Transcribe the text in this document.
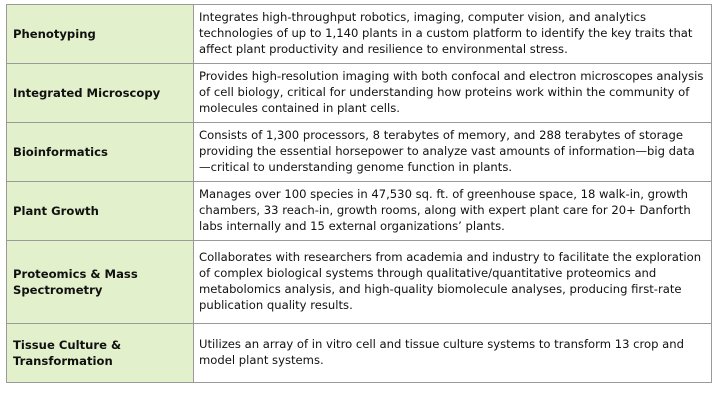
Phenotyping	Integrates high-throughput robotics, imaging, computer vision, and analytics technologies of up to 1,140 plants in a custom platform to identify the key traits that affect plant productivity and resilience to environmental stress.
Integrated Microscopy	Provides high-resolution imaging with both confocal and electron microscopes analysis of cell biology, critical for understanding how proteins work within the community of molecules contained in plant cells.
Bioinformatics	Consists of 1,300 processors, 8 terabytes of memory, and 288 terabytes of storage providing the essential horsepower to analyze vast amounts of information—big data—critical to understanding genome function in plants.
Plant Growth	Manages over 100 species in 47,530 sq. ft. of greenhouse space, 18 walk-in, growth chambers, 33 reach-in, growth rooms, along with expert plant care for 20+ Danforth labs internally and 15 external organizations’ plants.
Proteomics & Mass Spectrometry	Collaborates with researchers from academia and industry to facilitate the exploration of complex biological systems through qualitative/quantitative proteomics and metabolomics analysis, and high-quality biomolecule analyses, producing first-rate publication quality results.
Tissue Culture & Transformation	Utilizes an array of in vitro cell and tissue culture systems to transform 13 crop and model plant systems.
